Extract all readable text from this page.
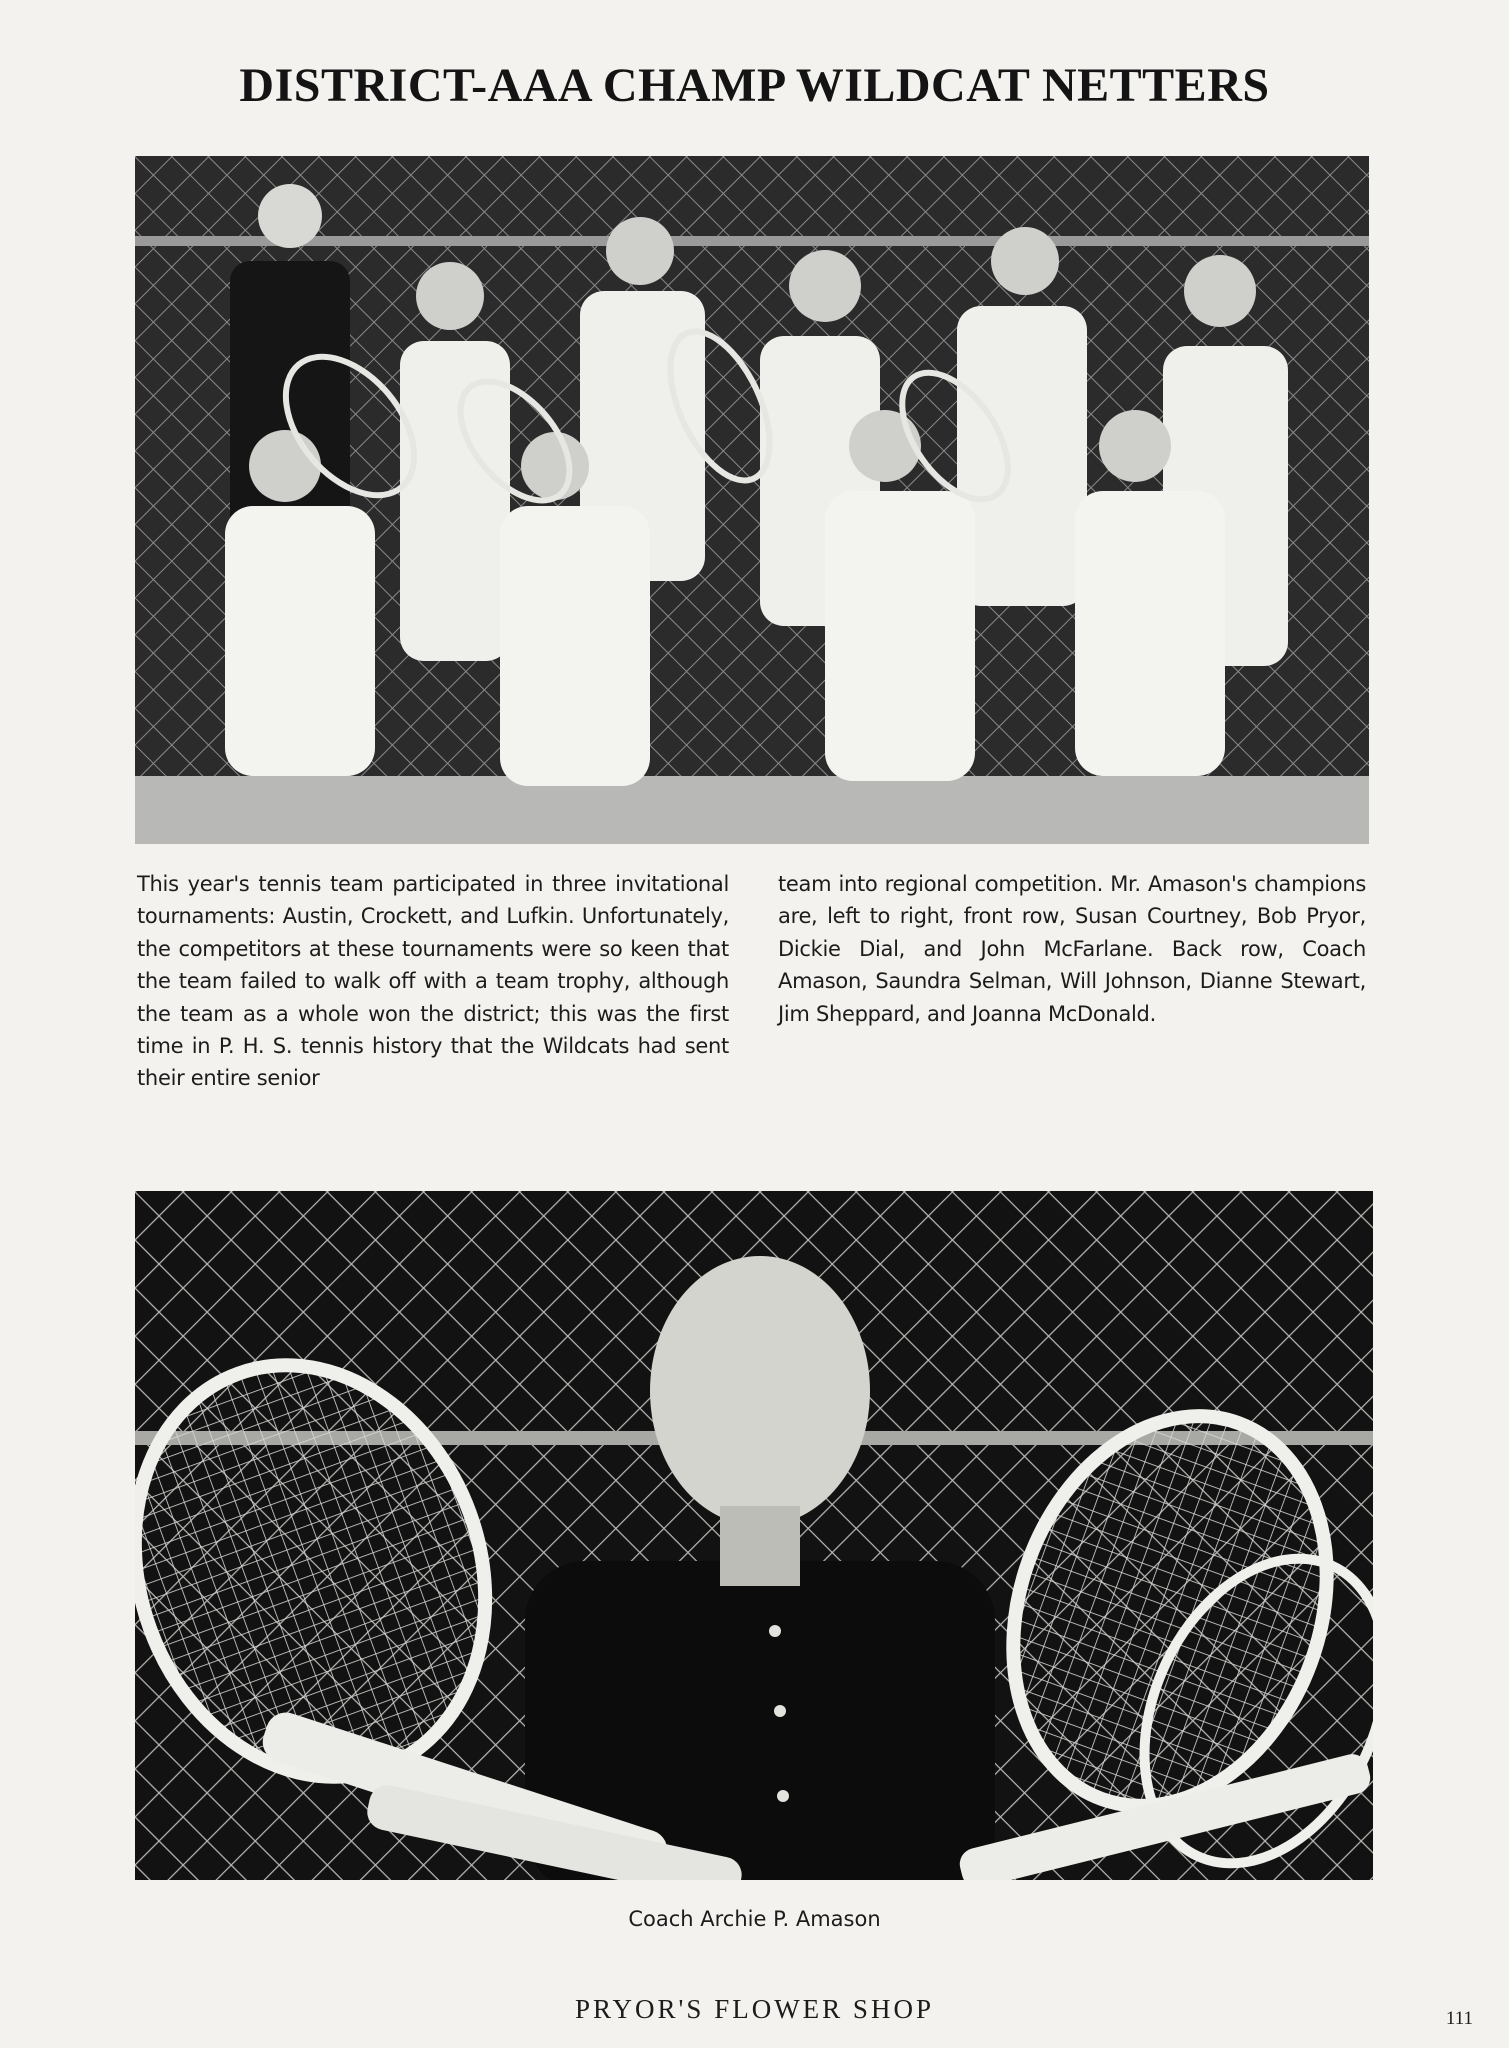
DISTRICT-AAA CHAMP WILDCAT NETTERS
This year's tennis team participated in three invitational tournaments: Austin, Crockett, and Lufkin. Unfortunately, the competitors at these tournaments were so keen that the team failed to walk off with a team trophy, although the team as a whole won the district; this was the first time in P. H. S. tennis history that the Wildcats had sent their entire senior
team into regional competition. Mr. Amason's champions are, left to right, front row, Susan Courtney, Bob Pryor, Dickie Dial, and John McFarlane. Back row, Coach Amason, Saundra Selman, Will Johnson, Dianne Stewart, Jim Sheppard, and Joanna McDonald.
Coach Archie P. Amason
PRYOR'S FLOWER SHOP	111
